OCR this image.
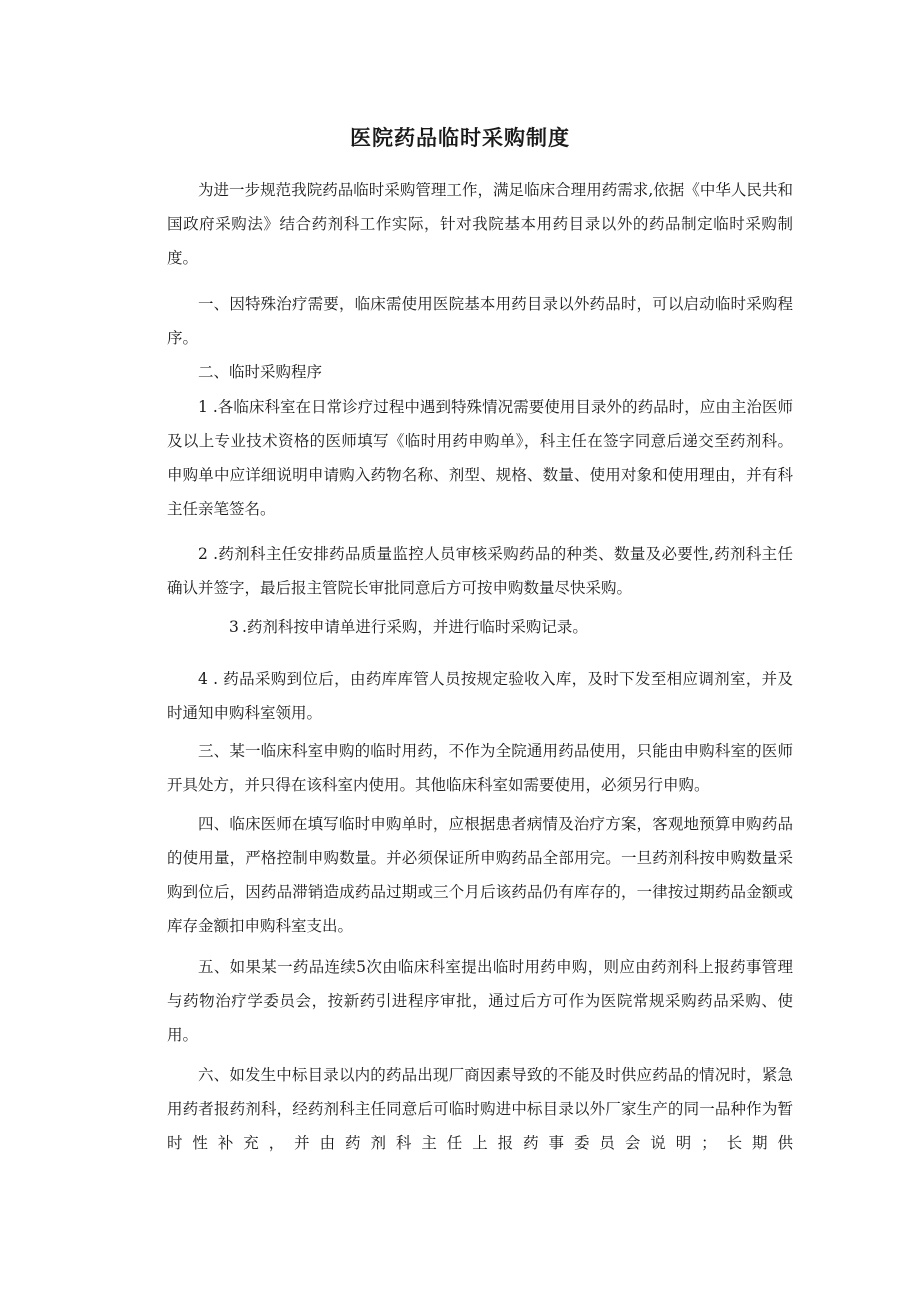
医院药品临时采购制度

为进一步规范我院药品临时采购管理工作，满足临床合理用药需求,依据《中华人民共和国政府采购法》结合药剂科工作实际，针对我院基本用药目录以外的药品制定临时采购制度。

一、因特殊治疗需要，临床需使用医院基本用药目录以外药品时，可以启动临时采购程序。

二、临时采购程序

1 .各临床科室在日常诊疗过程中遇到特殊情况需要使用目录外的药品时，应由主治医师及以上专业技术资格的医师填写《临时用药申购单》，科主任在签字同意后递交至药剂科。申购单中应详细说明申请购入药物名称、剂型、规格、数量、使用对象和使用理由，并有科主任亲笔签名。

2 .药剂科主任安排药品质量监控人员审核采购药品的种类、数量及必要性,药剂科主任确认并签字，最后报主管院长审批同意后方可按申购数量尽快采购。

3 .药剂科按申请单进行采购，并进行临时采购记录。

4 . 药品采购到位后，由药库库管人员按规定验收入库，及时下发至相应调剂室，并及时通知申购科室领用。

三、某一临床科室申购的临时用药，不作为全院通用药品使用，只能由申购科室的医师开具处方，并只得在该科室内使用。其他临床科室如需要使用，必须另行申购。

四、临床医师在填写临时申购单时，应根据患者病情及治疗方案，客观地预算申购药品的使用量，严格控制申购数量。并必须保证所申购药品全部用完。一旦药剂科按申购数量采购到位后，因药品滞销造成药品过期或三个月后该药品仍有库存的，一律按过期药品金额或库存金额扣申购科室支出。

五、如果某一药品连续5次由临床科室提出临时用药申购，则应由药剂科上报药事管理与药物治疗学委员会，按新药引进程序审批，通过后方可作为医院常规采购药品采购、使用。

六、如发生中标目录以内的药品出现厂商因素导致的不能及时供应药品的情况时，紧急用药者报药剂科，经药剂科主任同意后可临时购进中标目录以外厂家生产的同一品种作为暂时性补充，并由药剂科主任上报药事委员会说明；长期供
